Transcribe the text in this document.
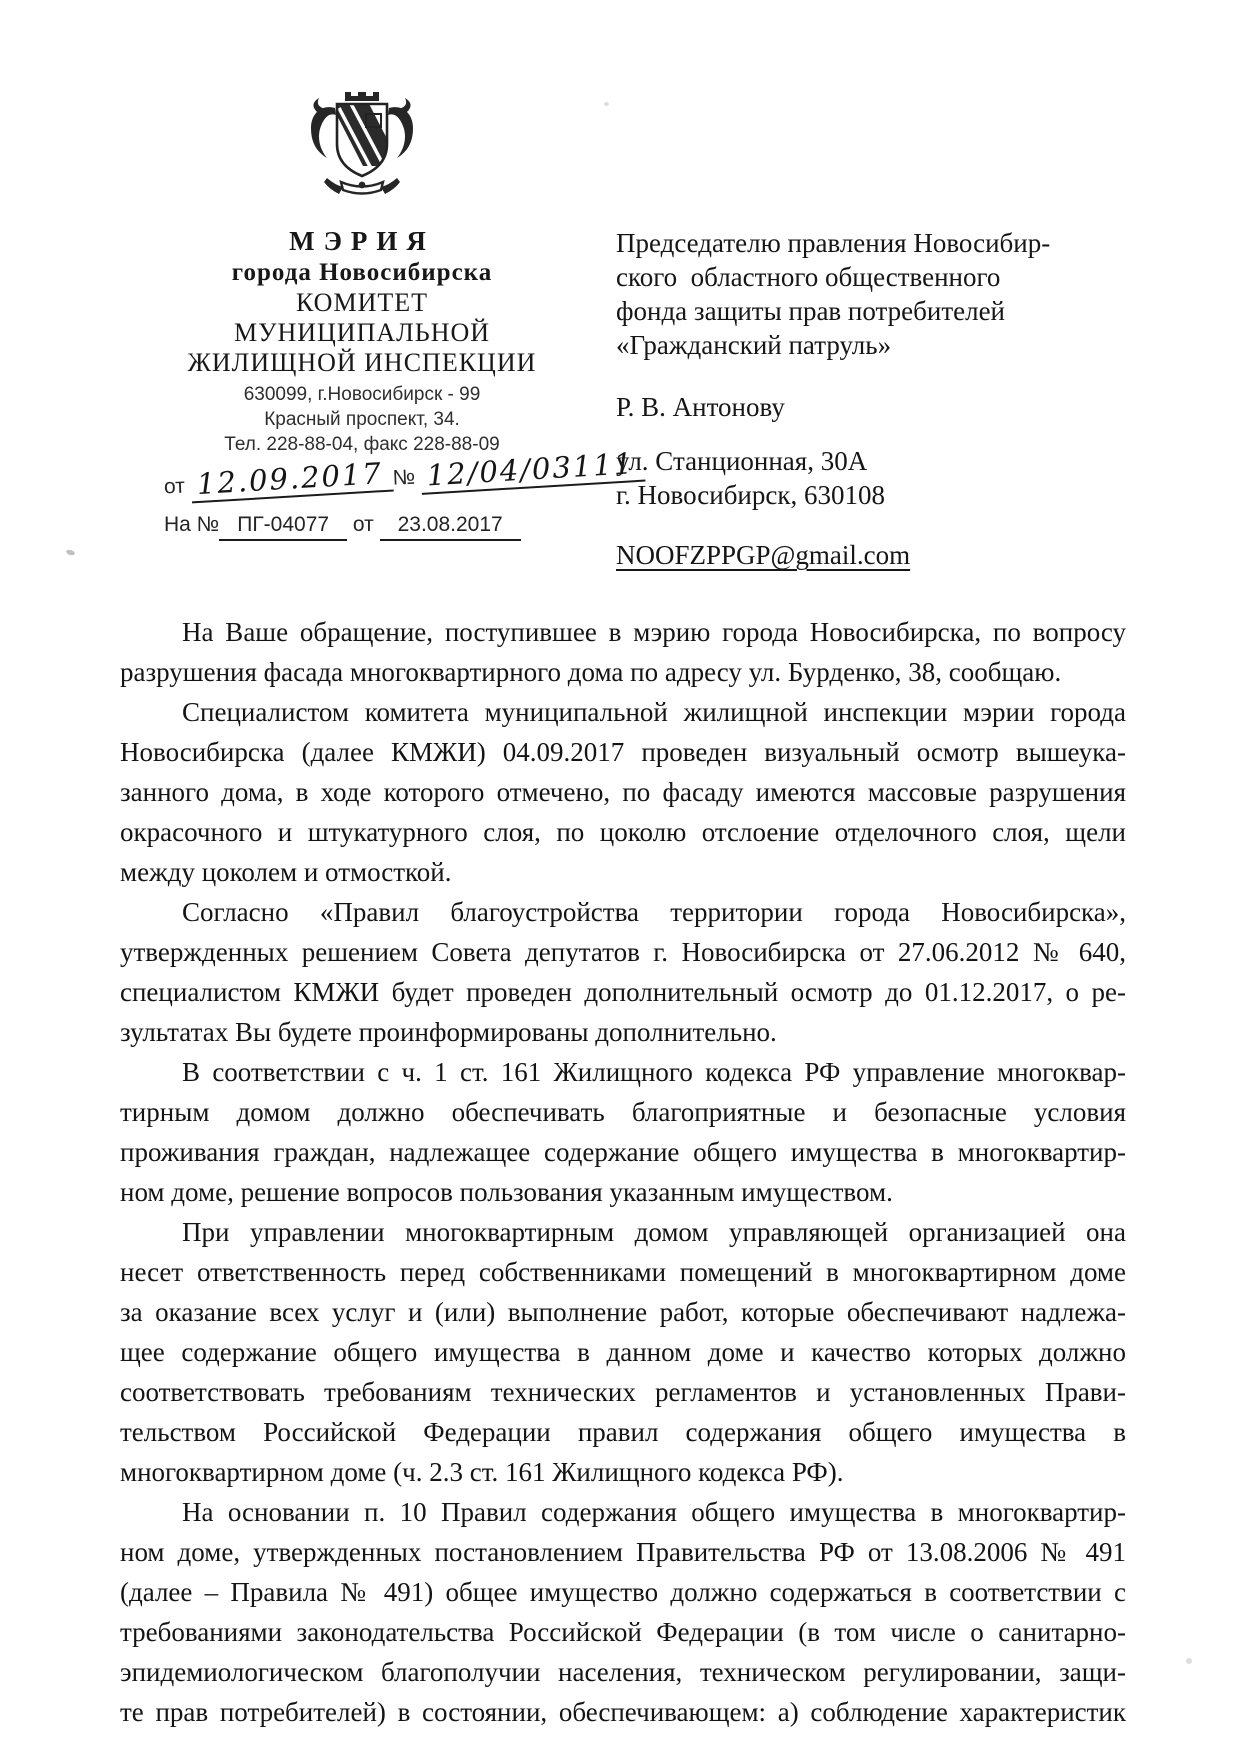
МЭРИЯ
города Новосибирска
КОМИТЕТ
МУНИЦИПАЛЬНОЙ
ЖИЛИЩНОЙ ИНСПЕКЦИИ
630099, г.Новосибирск - 99
Красный проспект, 34.
Тел. 228-88-04, факс 228-88-09
от 12.09.2017 № 12/04/03111
На № ПГ-04077 от 23.08.2017
Председателю правления Новосибир-
ского  областного общественного
фонда защиты прав потребителей
«Гражданский патруль»
Р. В. Антонову
ул. Станционная, 30А
г. Новосибирск, 630108
NOOFZPPGP@gmail.com
На Ваше обращение, поступившее в мэрию города Новосибирска, по вопросу
разрушения фасада многоквартирного дома по адресу ул. Бурденко, 38, сообщаю.
Специалистом комитета муниципальной жилищной инспекции мэрии города
Новосибирска (далее КМЖИ) 04.09.2017 проведен визуальный осмотр вышеука-
занного дома, в ходе которого отмечено, по фасаду имеются массовые разрушения
окрасочного и штукатурного слоя, по цоколю отслоение отделочного слоя, щели
между цоколем и отмосткой.
Согласно «Правил благоустройства территории города Новосибирска»,
утвержденных решением Совета депутатов г. Новосибирска от 27.06.2012 № 640,
специалистом КМЖИ будет проведен дополнительный осмотр до 01.12.2017, о ре-
зультатах Вы будете проинформированы дополнительно.
В соответствии с ч. 1 ст. 161 Жилищного кодекса РФ управление многоквар-
тирным домом должно обеспечивать благоприятные и безопасные условия
проживания граждан, надлежащее содержание общего имущества в многоквартир-
ном доме, решение вопросов пользования указанным имуществом.
При управлении многоквартирным домом управляющей организацией она
несет ответственность перед собственниками помещений в многоквартирном доме
за оказание всех услуг и (или) выполнение работ, которые обеспечивают надлежа-
щее содержание общего имущества в данном доме и качество которых должно
соответствовать требованиям технических регламентов и установленных Прави-
тельством Российской Федерации правил содержания общего имущества в
многоквартирном доме (ч. 2.3 ст. 161 Жилищного кодекса РФ).
На основании п. 10 Правил содержания общего имущества в многоквартир-
ном доме, утвержденных постановлением Правительства РФ от 13.08.2006 № 491
(далее – Правила № 491) общее имущество должно содержаться в соответствии с
требованиями законодательства Российской Федерации (в том числе о санитарно-
эпидемиологическом благополучии населения, техническом регулировании, защи-
те прав потребителей) в состоянии, обеспечивающем: а) соблюдение характеристик
